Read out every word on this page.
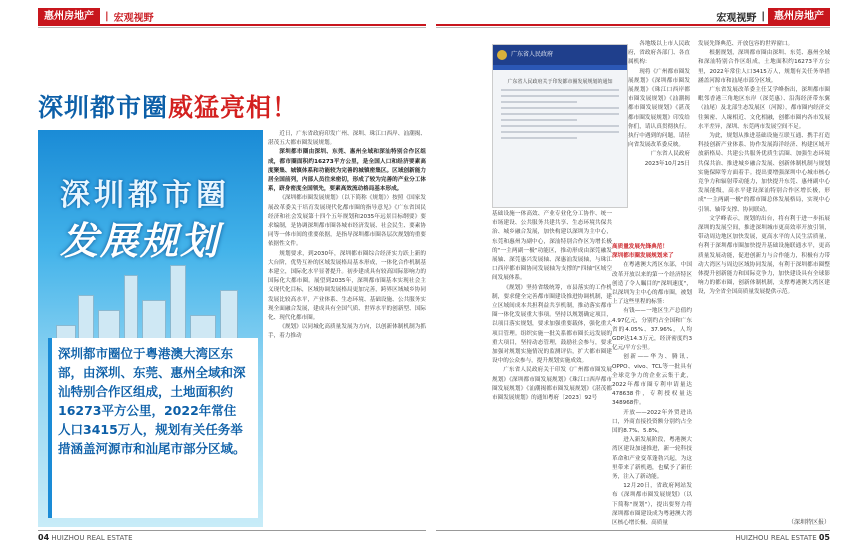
惠州房地产	| 宏观视野	宏观视野 | 惠州房地产
深圳都市圈威猛亮相！
深圳都市圈
发展规划
深圳都市圈位于粤港澳大湾区东部，由深圳、东莞、惠州全域和深汕特别合作区组成，土地面积约16273平方公里，2022年常住人口3415万人，规划有关任务举措涵盖河源市和汕尾市部分区域。

近日，广东省政府印发广州、深圳、珠江口西岸、汕潮揭、湛茂五大都市圈发展规划。

深圳都市圈由深圳、东莞、惠州全域和深汕特别合作区组成，都市圈面积约16273平方公里，是全国人口和经济要素高度聚集、城镇体系和功能较为完善的城镇密集区。区域创新能力居全国前列，内部人员往来密切，形成了较为完善的产业分工体系，跻身密度全国领先，要素高效流动格局基本形成。

《深圳都市圈发展规划》（以下简称《规划》）按照《国家发展改革委关于培育发展现代化都市圈的指导意见》《广东省国民经济和社会发展第十四个五年规划和2035年远景目标纲要》要求编制，是协调深圳都市圈各城市经济发展、社会民生、要素协同等一体市间的重要依据，是指导深圳都市圈各层次规划的重要依据性文件。

规划要求，到2030年，深圳都市圈综合经济实力跃上新的大台阶，优势互补的区域发展格局基本形成，一体化合作机制基本建立，国际化水平显著提升。初步建成具有较高国际影响力的国际化大都市圈。展望到2035年，深圳都市圈基本实现社会主义现代化目标，区域协调发展格局更加完善，跨界区域城乡协同发展比较高水平，产业体系、生态环境、基础设施、公共服务实现全面融合发展，建成具有全国气质、世界水平的创新型、国际化、现代化都市圈。

《规划》以同城化高质量发展为方向，以创新体制机制为抓手，着力推动

广东省人民政府
广东省人民政府关于印发都市圈发展规划的通知

基础设施一体高效、产业专业化分工协作、统一市场建设、公共服务共建共享、生态环境共保共治、城乡融合发展，加快构建以深圳为主中心，东莞和惠州为副中心，深汕特别合作区为增长极的"一主两副一极"功能区，推动形成由深莞融发展轴、深莞惠兴发展轴、深惠汕发展轴，与珠江口西岸都市圈协同发展轴为支撑的"四轴"区域空间发展体系。

《规划》坚持省级统筹，市县落实的工作机制，要求健全完善都市圈建设推进协调机制，建立区域间成本共担利益共享机制，推动落实都市圈一体化发展重大事项。坚持以规划确定项目，以项目落实规划，要求加强重要载体，强化重大项目管理。组织实施一批关系都市圈长远发展的重大项目，坚持动态管理，鼓励社会参与，要求加强对规划实施情况的监测评估，扩大都市圈建设中的公众参与，提升规划实施成效。

广东省人民政府关于印发《广州都市圈发展规划》《深圳都市圈发展规划》《珠江口西岸都市圈发展规划》《汕潮揭都市圈发展规划》《湛茂都市圈发展规划》的通知粤府〔2023〕92号

各地级以上市人民政府，省政府各部门、各直属机构：

现将《广州都市圈发展规划》《深圳都市圈发展规划》《珠江口西岸都市圈发展规划》《汕潮揭都市圈发展规划》《湛茂都市圈发展规划》印发给你们，请认真贯彻执行。执行中遇到的问题，请径向省发展改革委反映。

广东省人民政府

2023年10月25日

高质量发展先锋典范！

深圳都市圈发展规划来了

在粤港澳大湾区东部，中国改革开放以来的第一个经济特区创造了令人瞩目的"深圳速度"，以深圳为主中心的都市圈，被划上了这些里程的标签：

有钱——一地区生产总值约4.97亿元，分别约占全国和广东省的4.05%、37.96%，人均GDP达14.3万元，经济密度约3亿元/平方公里。

创新——华为、腾讯、OPPO、vivo、TCL等一批具有全球竞争力的企业云集于此，2022年都市圈专利申请量达478638件，专利授权量达348968件。

开放——2022年外贸进出口，外商直接投资额分别约占全国的8.7%、5.8%。

进入新发展阶段，粤港澳大湾区建设加速推进，新一轮科技革命和产业变革蓬勃兴起，为这里带来了新机遇，也赋予了新任务，注入了新动能。

12月20日，省政府网站发布《深圳都市圈发展规划》（以下简称"规划"），提出要努力将深圳都市圈建设成为粤港澳大湾区核心增长极、高质量

发展先锋典范、开放包容的世界窗口。

根据规划，深圳都市圈由深圳、东莞、惠州全域和深汕特别合作区组成，土地面积约16273平方公里，2022年常住人口3415万人，规划有关任务举措涵盖河源市和汕尾市部分区域。

广东省发展改革委主任艾学峰指出，深圳都市圈毗邻香港三角地区东岸（深莞惠）、沿海经济带东翼（汕尾）及北部生态发展区（河源），都市圈内经济交往频密、人缘相近、文化相融，创都市圈内各市发展水平差异，深圳、东莞两市发展空间不足。

为此，规划从推进基础设施互联互通、携手打造科技创新产业体系、协作发展海洋经济、构建区域开放新格局、共建公共服务优质生活圈、加强生态环境共保共治、推进城乡融合发展、创新体制机制与规划实施保障等方面着手。提出要增强深圳中心城市核心竞争力和辐射带动能力，加快提升东莞、惠州副中心发展能级，高水平建设深汕特别合作区增长极，形成"一主两副一极"的都市圈总体发展格局，实现中心引领、轴带支撑、协同联动。

文学峰表示，规划的出台，将有利于进一步拓展深圳的发展空间，推进深圳城市更高效率开放引领，带动周边地区加快发展，更高水平的人民生活质量，有利于深圳都市圈加快提升基础设施联通水平，更高质量发展动能，促进创新力与合作能力，积极有力带动大湾区与周边区域协同发展，有利于深圳都市圈整体提升创新能力和国际竞争力，加快建设具有全球影响力的都市圈，创新体制机制，支撑粤港澳大湾区建设，为全省全国高质量发展提供示范。

（深圳特区报）
04 HUIZHOU REAL ESTATE	HUIZHOU REAL ESTATE 05
